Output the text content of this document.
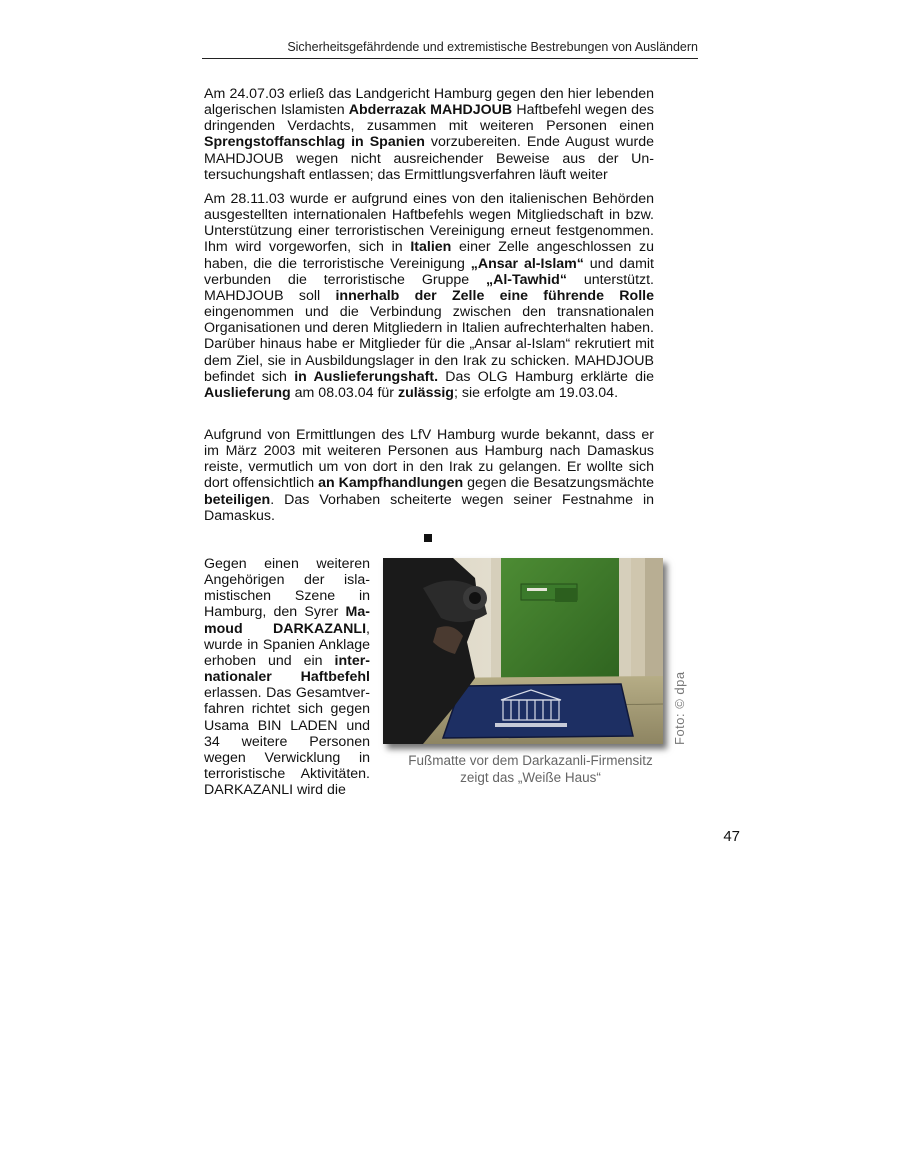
Sicherheitsgefährdende und extremistische Bestrebungen von Ausländern

Am 24.07.03 erließ das Landgericht Hamburg gegen den hier lebenden algerischen Islamisten Abderrazak MAHDJOUB Haftbefehl wegen des dringenden Verdachts, zusammen mit weiteren Personen einen Sprengstoffanschlag in Spanien vorzubereiten. Ende August wurde MAHDJOUB wegen nicht ausreichender Beweise aus der Untersuchungshaft entlassen; das Ermittlungsverfahren läuft weiter

Am 28.11.03 wurde er aufgrund eines von den italienischen Behörden ausgestellten internationalen Haftbefehls wegen Mitgliedschaft in bzw. Unterstützung einer terroristischen Vereinigung erneut festgenommen. Ihm wird vorgeworfen, sich in Italien einer Zelle angeschlossen zu haben, die die terroristische Vereinigung „Ansar al-Islam“ und damit verbunden die terroristische Gruppe „Al-Tawhid“ unterstützt. MAHDJOUB soll innerhalb der Zelle eine führende Rolle eingenommen und die Verbindung zwischen den transnationalen Organisationen und deren Mitgliedern in Italien aufrechterhalten haben. Darüber hinaus habe er Mitglieder für die „Ansar al-Islam“ rekrutiert mit dem Ziel, sie in Ausbildungslager in den Irak zu schicken. MAHDJOUB befindet sich in Auslieferungshaft. Das OLG Hamburg erklärte die Auslieferung am 08.03.04 für zulässig; sie erfolgte am 19.03.04.

Aufgrund von Ermittlungen des LfV Hamburg wurde bekannt, dass er im März 2003 mit weiteren Personen aus Hamburg nach Damaskus reiste, vermutlich um von dort in den Irak zu gelangen. Er wollte sich dort offensichtlich an Kampfhandlungen gegen die Besatzungsmächte beteiligen. Das Vorhaben scheiterte wegen seiner Festnahme in Damaskus.

Gegen einen weiteren Angehörigen der islamistischen Szene in Hamburg, den Syrer Mamoud DARKAZANLI, wurde in Spanien Anklage erhoben und ein internationaler Haftbefehl erlassen. Das Gesamtverfahren richtet sich gegen Usama BIN LADEN und 34 weitere Personen wegen Verwicklung in terroristische Aktivitäten. DARKAZANLI wird die

Fußmatte vor dem Darkazanli-Firmensitz
zeigt das „Weiße Haus“
Foto: © dpa
47
